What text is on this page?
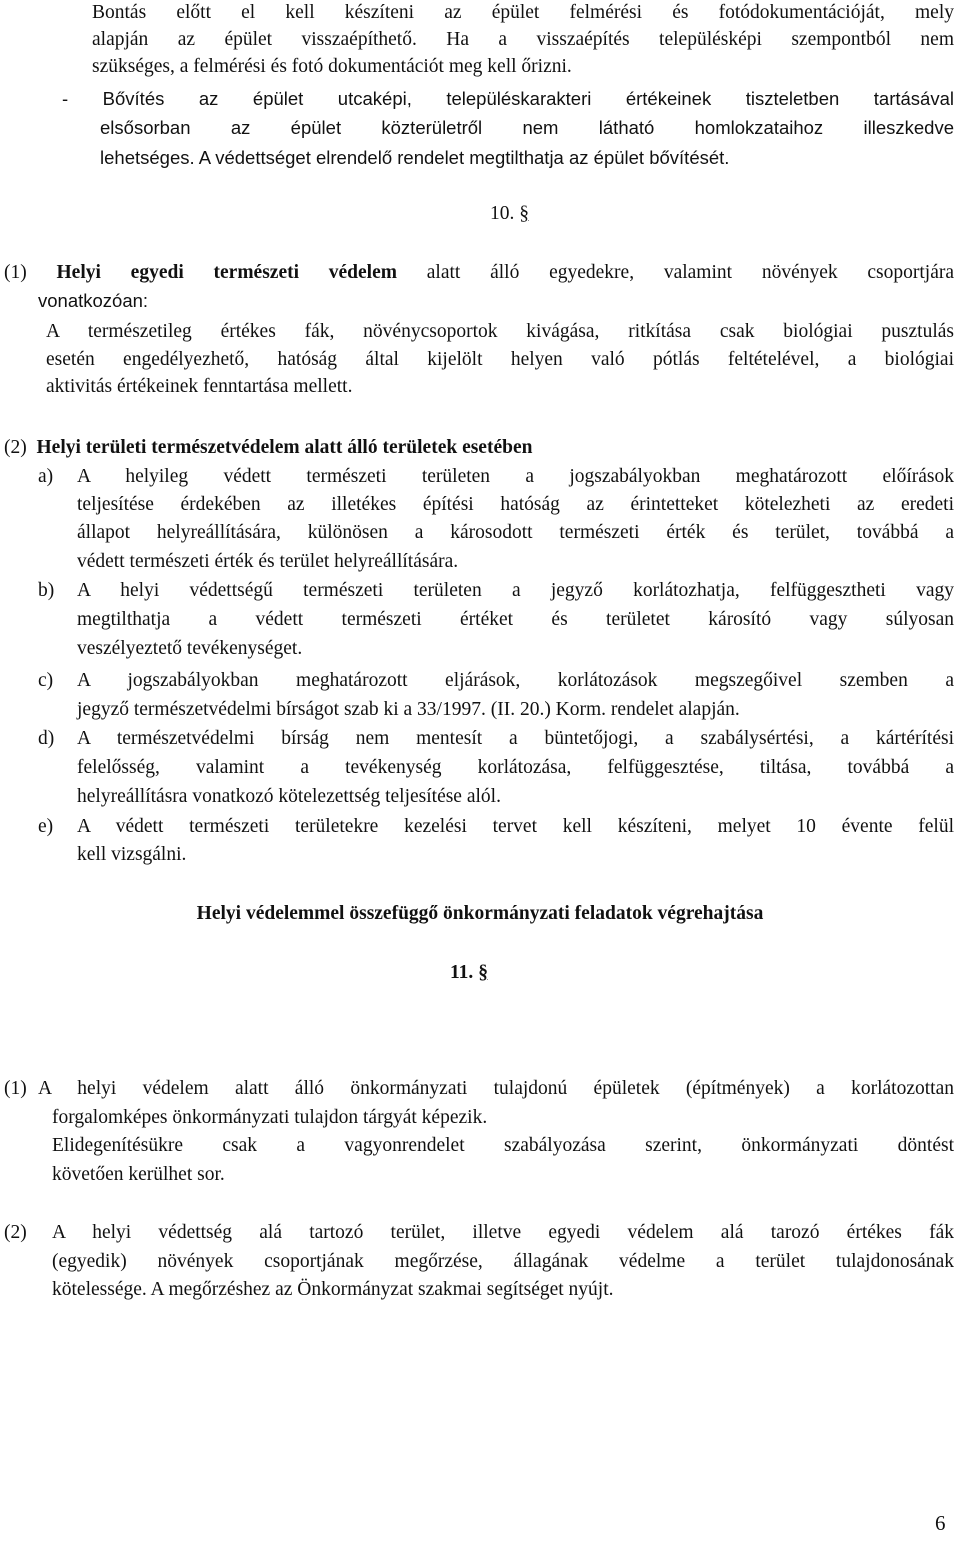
Bontás előtt el kell készíteni az épület felmérési és fotódokumentációját, mely
alapján az épület visszaépíthető. Ha a visszaépítés településképi szempontból nem
szükséges, a felmérési és fotó dokumentációt meg kell őrizni.
- Bővítés az épület utcaképi, településkarakteri értékeinek tiszteletben tartásával
elsősorban az épület közterületről nem látható homlokzataihoz illeszkedve
lehetséges. A védettséget elrendelő rendelet megtilthatja az épület bővítését.
10. §
(1) Helyi egyedi természeti védelem alatt álló egyedekre, valamint növények csoportjára
vonatkozóan:
A természetileg értékes fák, növénycsoportok kivágása, ritkítása csak biológiai pusztulás
esetén engedélyezhető, hatóság által kijelölt helyen való pótlás feltételével, a biológiai
aktivitás értékeinek fenntartása mellett.
(2) Helyi területi természetvédelem alatt álló területek esetében
a) A helyileg védett természeti területen a jogszabályokban meghatározott előírások
teljesítése érdekében az illetékes építési hatóság az érintetteket kötelezheti az eredeti
állapot helyreállítására, különösen a károsodott természeti érték és terület, továbbá a
védett természeti érték és terület helyreállítására.
b) A helyi védettségű természeti területen a jegyző korlátozhatja, felfüggesztheti vagy
megtilthatja a védett természeti értéket és területet károsító vagy súlyosan
veszélyeztető tevékenységet.
c) A jogszabályokban meghatározott eljárások, korlátozások megszegőivel szemben a
jegyző természetvédelmi bírságot szab ki a 33/1997. (II. 20.) Korm. rendelet alapján.
d) A természetvédelmi bírság nem mentesít a büntetőjogi, a szabálysértési, a kártérítési
felelősség, valamint a tevékenység korlátozása, felfüggesztése, tiltása, továbbá a
helyreállításra vonatkozó kötelezettség teljesítése alól.
e) A védett természeti területekre kezelési tervet kell készíteni, melyet 10 évente felül
kell vizsgálni.
Helyi védelemmel összefüggő önkormányzati feladatok végrehajtása
11. §
(1) A helyi védelem alatt álló önkormányzati tulajdonú épületek (építmények) a korlátozottan
forgalomképes önkormányzati tulajdon tárgyát képezik.
Elidegenítésükre csak a vagyonrendelet szabályozása szerint, önkormányzati döntést
követően kerülhet sor.
(2) A helyi védettség alá tartozó terület, illetve egyedi védelem alá tarozó értékes fák
(egyedik) növények csoportjának megőrzése, állagának védelme a terület tulajdonosának
kötelessége. A megőrzéshez az Önkormányzat szakmai segítséget nyújt.
6
